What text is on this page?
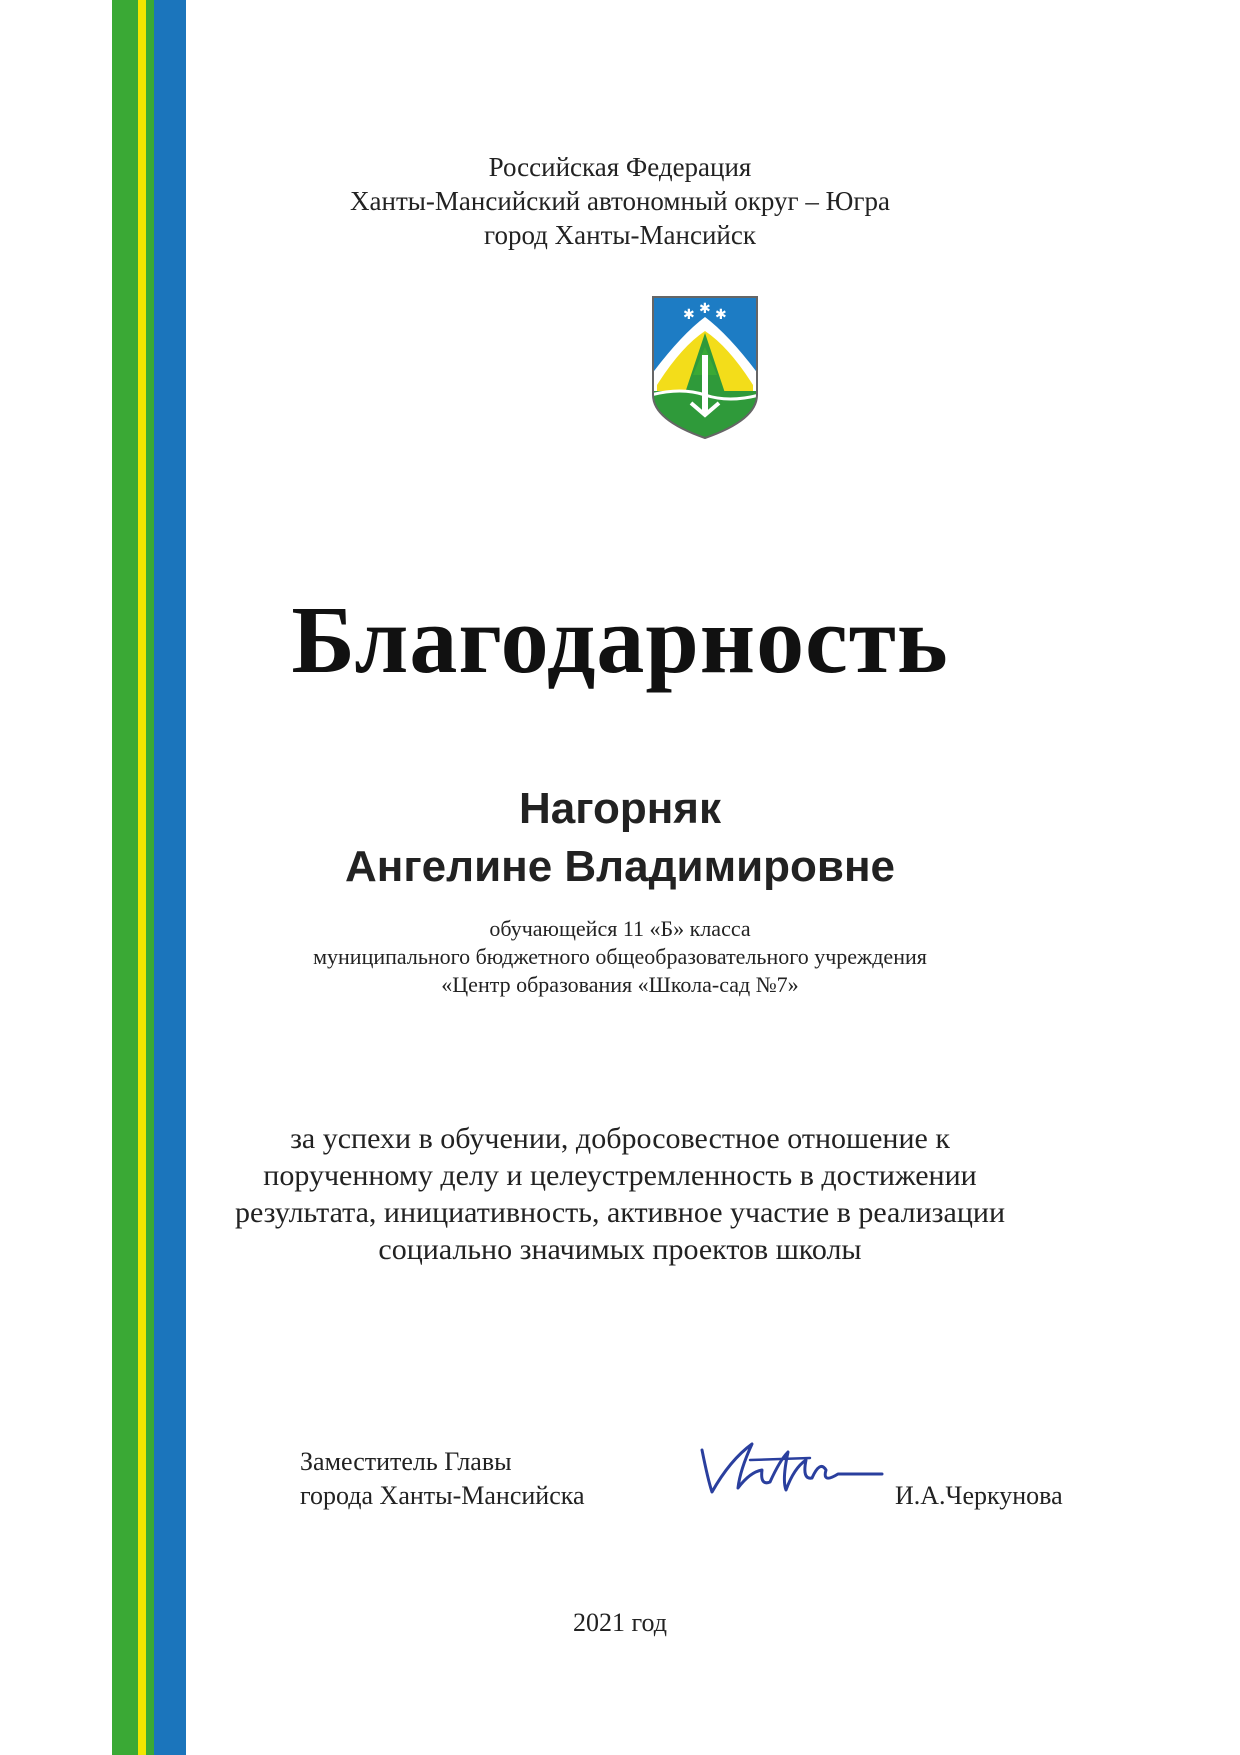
Российская Федерация
Ханты-Мансийский автономный округ – Югра
город Ханты-Мансийск
✱ ✱ ✱
Благодарность
Нагорняк
Ангелине Владимировне
обучающейся 11 «Б» класса
муниципального бюджетного общеобразовательного учреждения
«Центр образования «Школа-сад №7»
за успехи в обучении, добросовестное отношение к
порученному делу и целеустремленность в достижении
результата, инициативность, активное участие в реализации
социально значимых проектов школы
Заместитель Главы
города Ханты-Мансийска	И.А.Черкунова
2021 год
